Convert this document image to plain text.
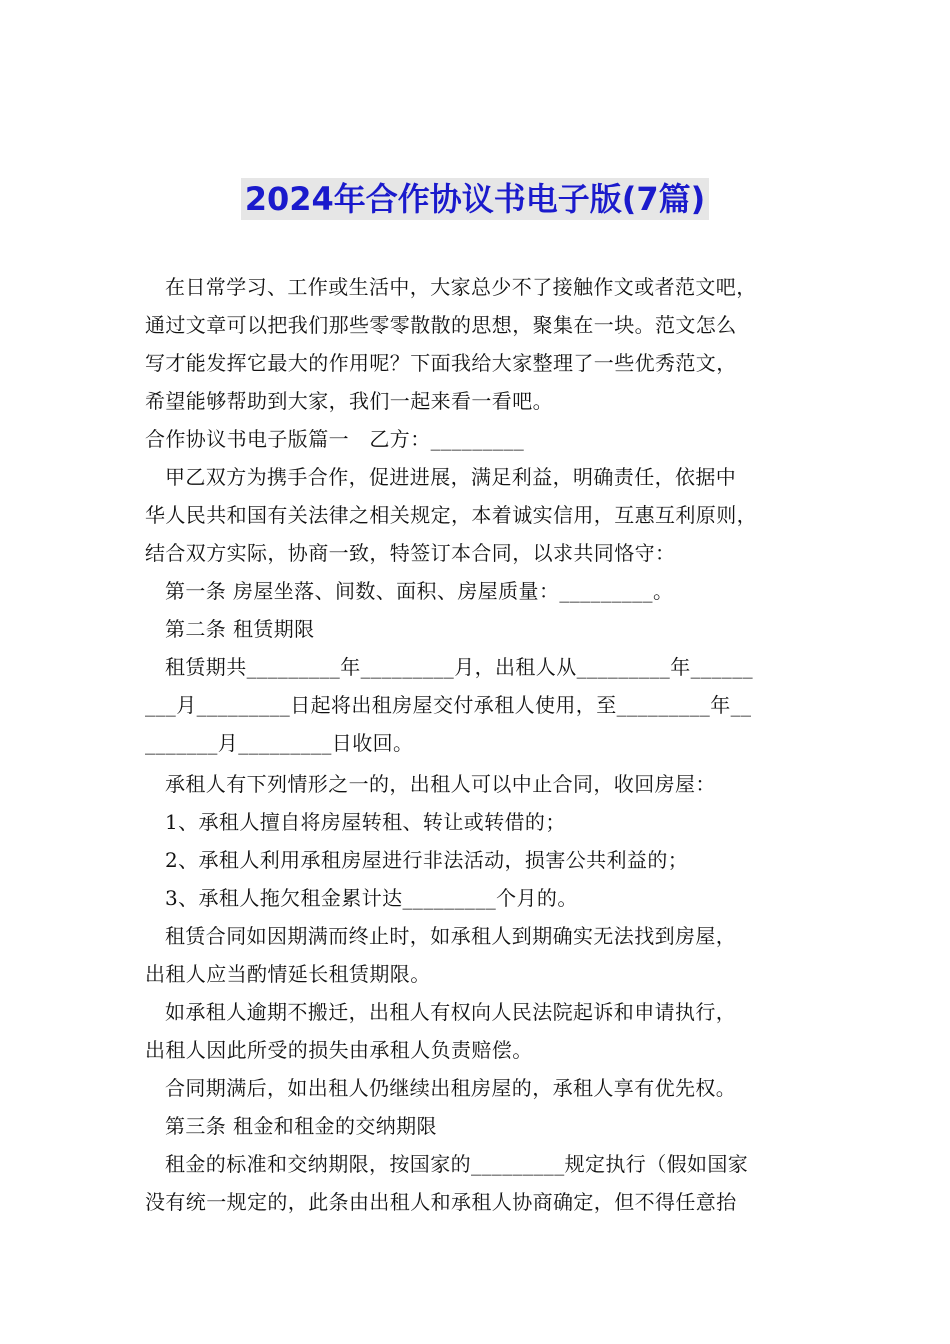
2024年合作协议书电子版(7篇)
在日常学习、工作或生活中，大家总少不了接触作文或者范文吧，
通过文章可以把我们那些零零散散的思想，聚集在一块。范文怎么
写才能发挥它最大的作用呢？下面我给大家整理了一些优秀范文，
希望能够帮助到大家，我们一起来看一看吧。
合作协议书电子版篇一　乙方：_________
甲乙双方为携手合作，促进进展，满足利益，明确责任，依据中
华人民共和国有关法律之相关规定，本着诚实信用，互惠互利原则，
结合双方实际，协商一致，特签订本合同，以求共同恪守：
第一条 房屋坐落、间数、面积、房屋质量：_________。
第二条 租赁期限
租赁期共_________年_________月，出租人从_________年______
___月_________日起将出租房屋交付承租人使用，至_________年__
_______月_________日收回。
承租人有下列情形之一的，出租人可以中止合同，收回房屋：
1、承租人擅自将房屋转租、转让或转借的；
2、承租人利用承租房屋进行非法活动，损害公共利益的；
3、承租人拖欠租金累计达_________个月的。
租赁合同如因期满而终止时，如承租人到期确实无法找到房屋，
出租人应当酌情延长租赁期限。
如承租人逾期不搬迁，出租人有权向人民法院起诉和申请执行，
出租人因此所受的损失由承租人负责赔偿。
合同期满后，如出租人仍继续出租房屋的，承租人享有优先权。
第三条 租金和租金的交纳期限
租金的标准和交纳期限，按国家的_________规定执行（假如国家
没有统一规定的，此条由出租人和承租人协商确定，但不得任意抬
